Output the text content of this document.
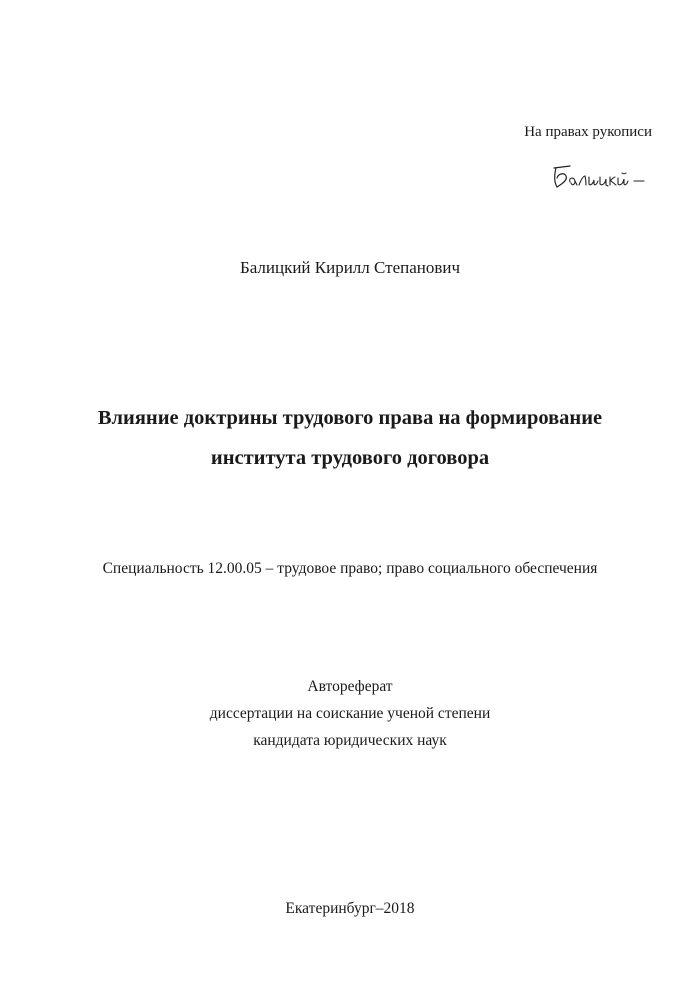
На правах рукописи
Балицкий Кирилл Степанович
Влияние доктрины трудового права на формирование
института трудового договора
Специальность 12.00.05 – трудовое право; право социального обеспечения
Автореферат
диссертации на соискание ученой степени
кандидата юридических наук
Екатеринбург–2018
